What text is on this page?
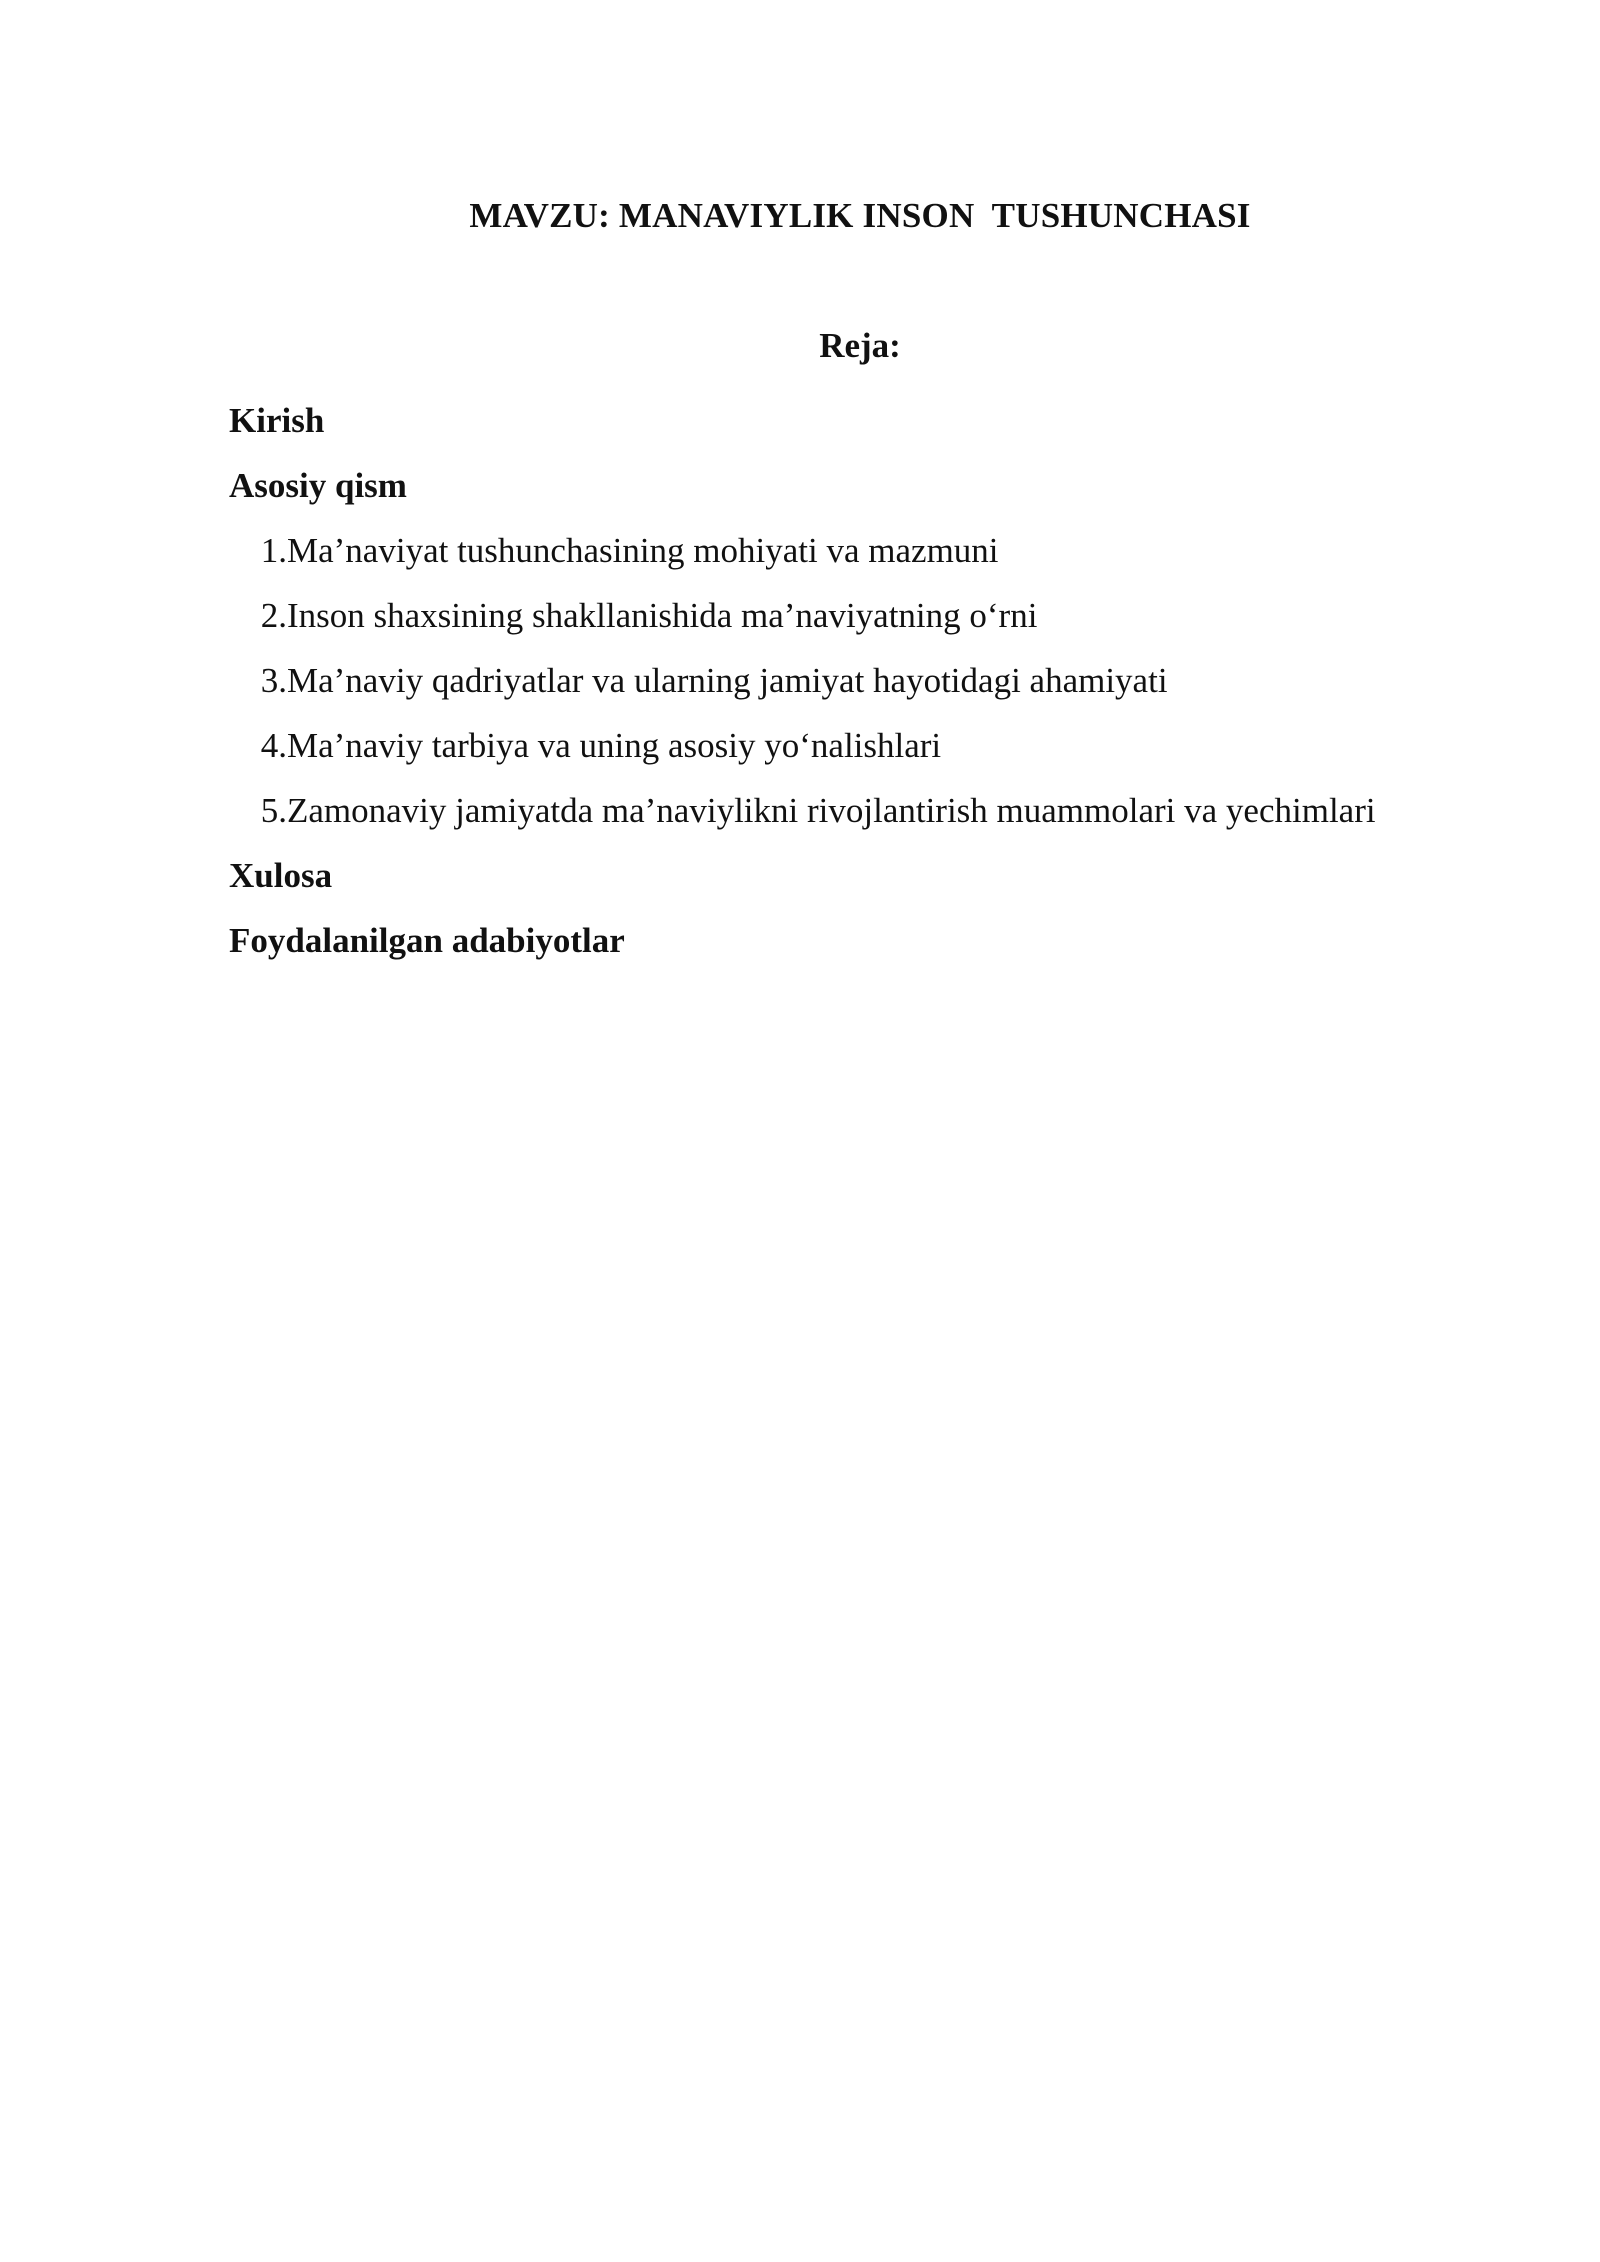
MAVZU: MANAVIYLIK INSON  TUSHUNCHASI
Reja:
Kirish
Asosiy qism
1. Ma’naviyat tushunchasining mohiyati va mazmuni
2. Inson shaxsining shakllanishida ma’naviyatning o‘rni
3. Ma’naviy qadriyatlar va ularning jamiyat hayotidagi ahamiyati
4. Ma’naviy tarbiya va uning asosiy yo‘nalishlari
5. Zamonaviy jamiyatda ma’naviylikni rivojlantirish muammolari va yechimlari
Xulosa
Foydalanilgan adabiyotlar
